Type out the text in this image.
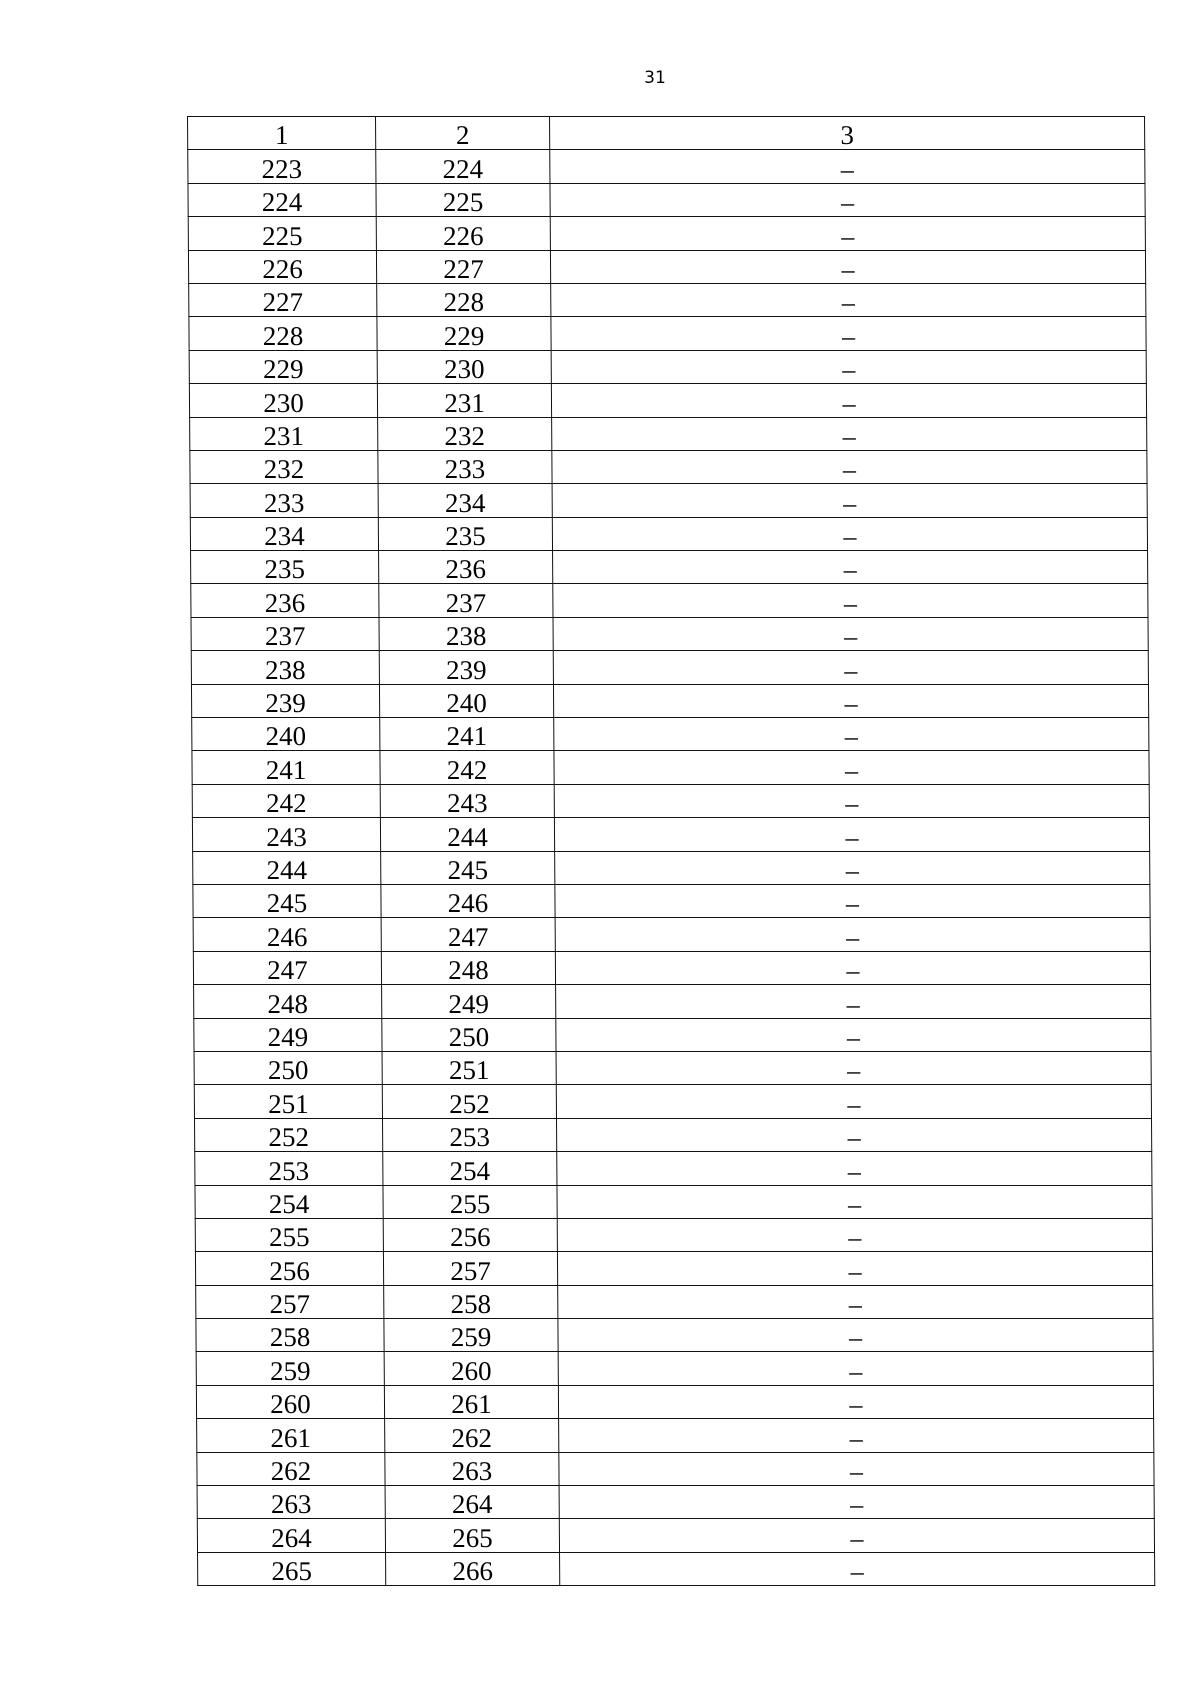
31
1	2	3
223	224	–
224	225	–
225	226	–
226	227	–
227	228	–
228	229	–
229	230	–
230	231	–
231	232	–
232	233	–
233	234	–
234	235	–
235	236	–
236	237	–
237	238	–
238	239	–
239	240	–
240	241	–
241	242	–
242	243	–
243	244	–
244	245	–
245	246	–
246	247	–
247	248	–
248	249	–
249	250	–
250	251	–
251	252	–
252	253	–
253	254	–
254	255	–
255	256	–
256	257	–
257	258	–
258	259	–
259	260	–
260	261	–
261	262	–
262	263	–
263	264	–
264	265	–
265	266	–
